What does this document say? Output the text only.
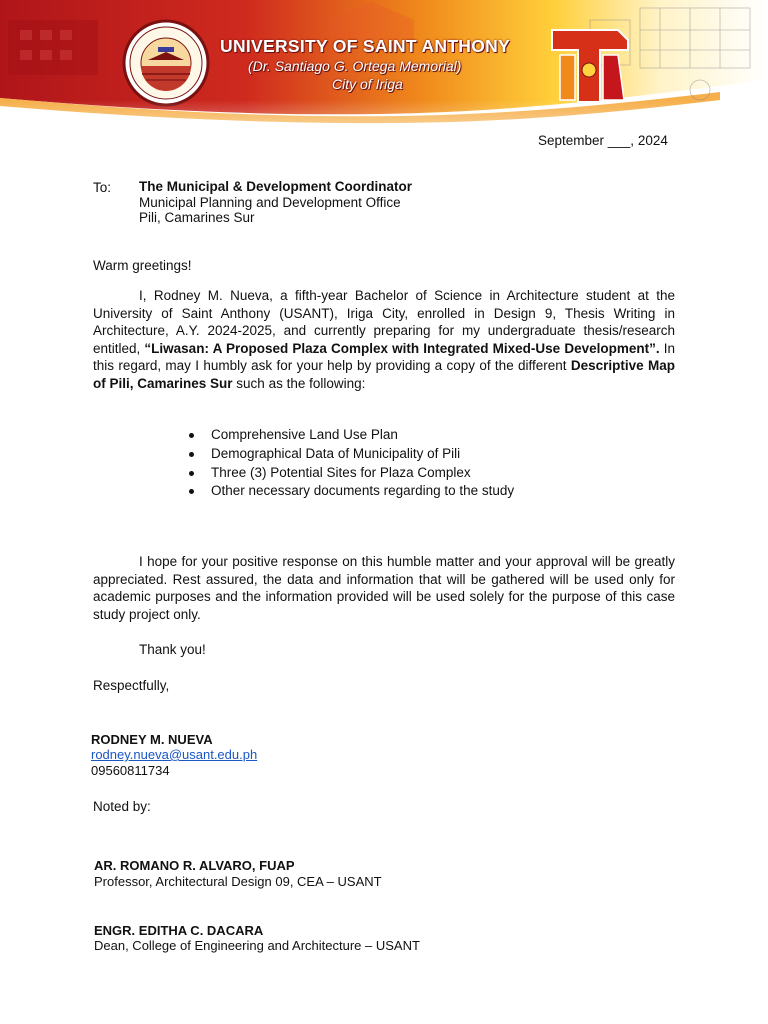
UNIVERSITY OF SAINT ANTHONY
(Dr. Santiago G. Ortega Memorial)
City of Iriga
September ___, 2024
To: The Municipal & Development Coordinator
Municipal Planning and Development Office
Pili, Camarines Sur
Warm greetings!
I, Rodney M. Nueva, a fifth-year Bachelor of Science in Architecture student at the University of Saint Anthony (USANT), Iriga City, enrolled in Design 9, Thesis Writing in Architecture, A.Y. 2024-2025, and currently preparing for my undergraduate thesis/research entitled, “Liwasan: A Proposed Plaza Complex with Integrated Mixed-Use Development”. In this regard, may I humbly ask for your help by providing a copy of the different Descriptive Map of Pili, Camarines Sur such as the following:
Comprehensive Land Use Plan
Demographical Data of Municipality of Pili
Three (3) Potential Sites for Plaza Complex
Other necessary documents regarding to the study
I hope for your positive response on this humble matter and your approval will be greatly appreciated. Rest assured, the data and information that will be gathered will be used only for academic purposes and the information provided will be used solely for the purpose of this case study project only.
Thank you!
Respectfully,
RODNEY M. NUEVA
rodney.nueva@usant.edu.ph
09560811734
Noted by:
AR. ROMANO R. ALVARO, FUAP
Professor, Architectural Design 09, CEA – USANT
ENGR. EDITHA C. DACARA
Dean, College of Engineering and Architecture – USANT
